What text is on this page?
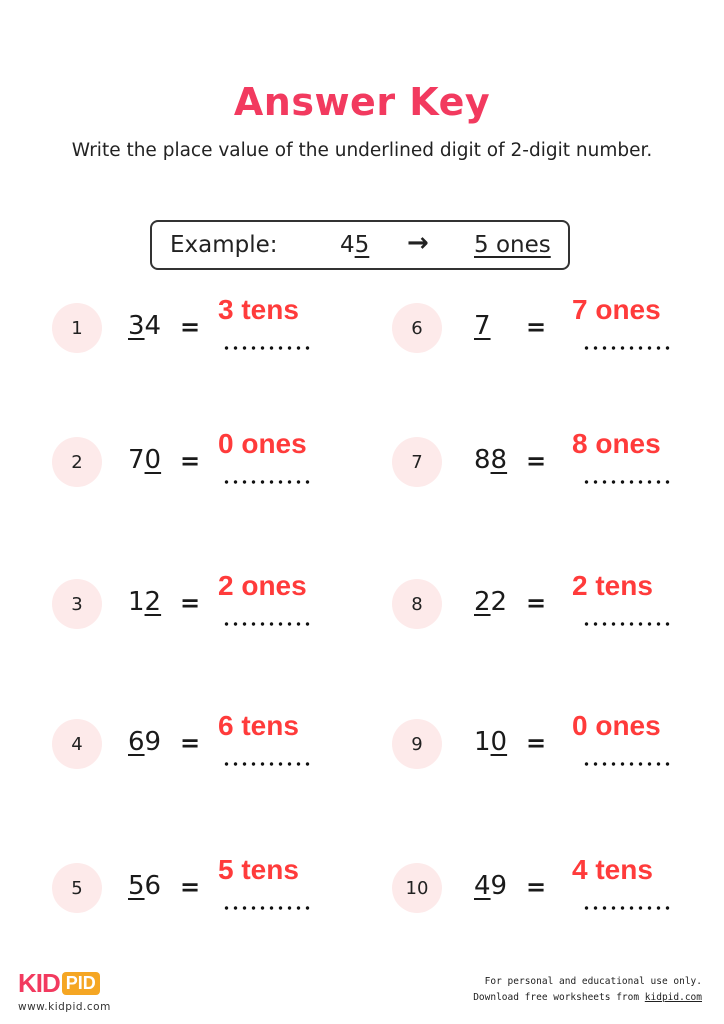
Answer Key
Write the place value of the underlined digit of 2-digit number.
Example:	45 → 5 ones
1	34 =
3 tens
2	70 =
0 ones
3	12 =
2 ones
4	69 =
6 tens
5	56 =
5 tens
6	7 =
7 ones
7	88 =
8 ones
8	22 =
2 tens
9	10 =
0 ones
10	49 =
4 tens
KID PID
www.kidpid.com
For personal and educational use only.
Download free worksheets from kidpid.com
